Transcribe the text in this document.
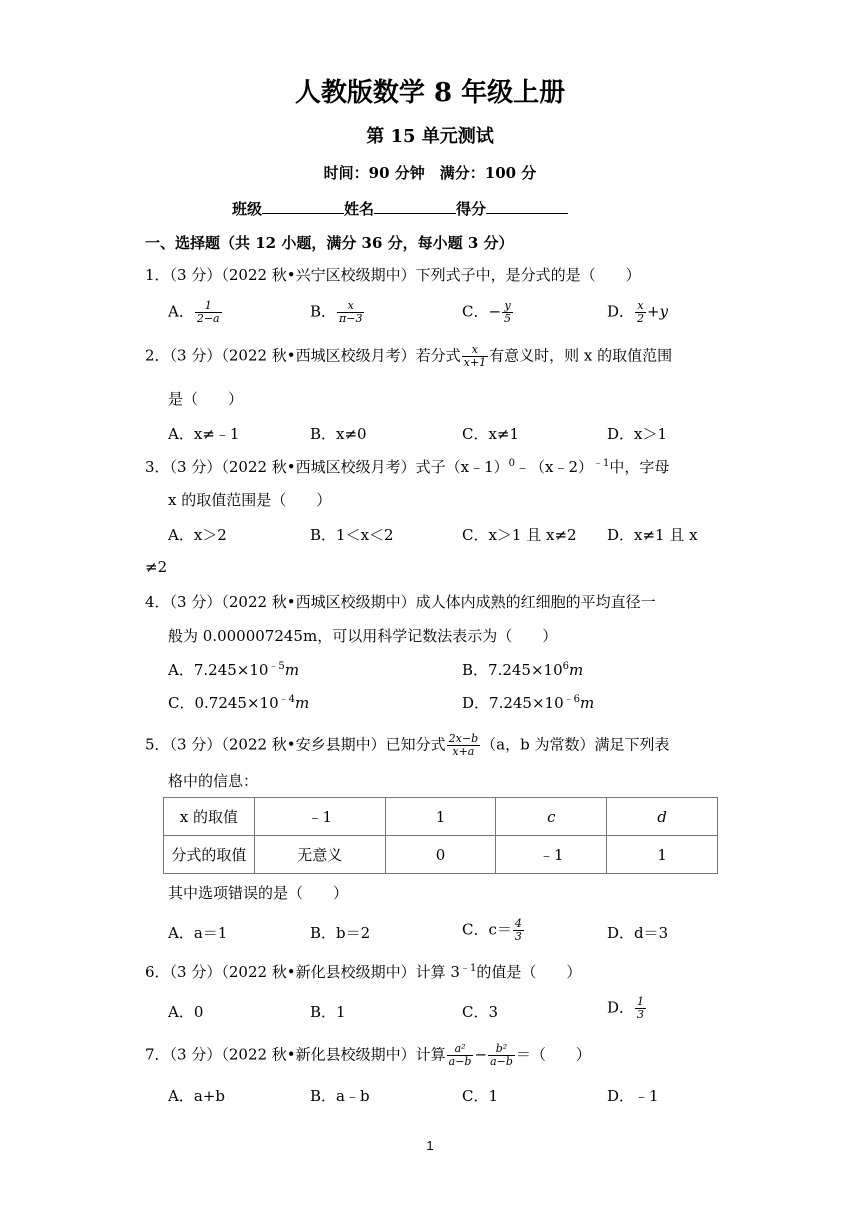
人教版数学 8 年级上册
第 15 单元测试
时间：90 分钟　满分：100 分
班级	姓名	得分
一、选择题（共 12 小题，满分 36 分，每小题 3 分）
1．（3 分）（2022 秋•兴宁区校级期中）下列式子中，是分式的是（　　）
A． $\frac{1}{2-a}$	B． $\frac{x}{\pi-3}$	C．− $\frac{y}{5}$	D． $\frac{x}{2} +y$
2．（3 分）（2022 秋•西城区校级月考）若分式 $\frac{x}{x+1}$ 有意义时，则 x 的取值范围
是（　　）
A．x≠﹣1	B．x≠0	C．x≠1	D．x＞1
3．（3 分）（2022 秋•西城区校级月考）式子（x﹣1）$^0$﹣（x﹣2）$^{﹣1}$中，字母
x 的取值范围是（　　）
A．x＞2	B．1＜x＜2	C．x＞1 且 x≠2 D．x≠1 且 x
≠2
4．（3 分）（2022 秋•西城区校级期中）成人体内成熟的红细胞的平均直径一
般为 0.000007245m，可以用科学记数法表示为（　　）
A．$7.245\times 10^{﹣5}m$	B．$7.245\times 10^6m$
C．$0.7245\times 10^{﹣4}m$	D．$7.245\times 10^{﹣6}m$
5．（3 分）（2022 秋•安乡县期中）已知分式 $\frac{2x-b}{x+a} (a$，b 为常数）满足下列表
格中的信息：
x 的取值	﹣1	1	c	d
分式的取值	无意义	0	﹣1	1
其中选项错误的是（　　）
A．a＝1	B．b＝2	C．$c= \frac{4}{3}$	D．d＝3
6．（3 分）（2022 秋•新化县校级期中）计算 $3^{﹣1}$的值是（　　）
A．0	B．1	C．3	D． $\frac{1}{3}$
7．（3 分）（2022 秋•新化县校级期中）计算 $\frac{\text{a²}}{a-b} - \frac{\text{b²}}{a-b}$ ＝（　　）
A．a+b	B．a﹣b	C．1	D．﹣1
1
